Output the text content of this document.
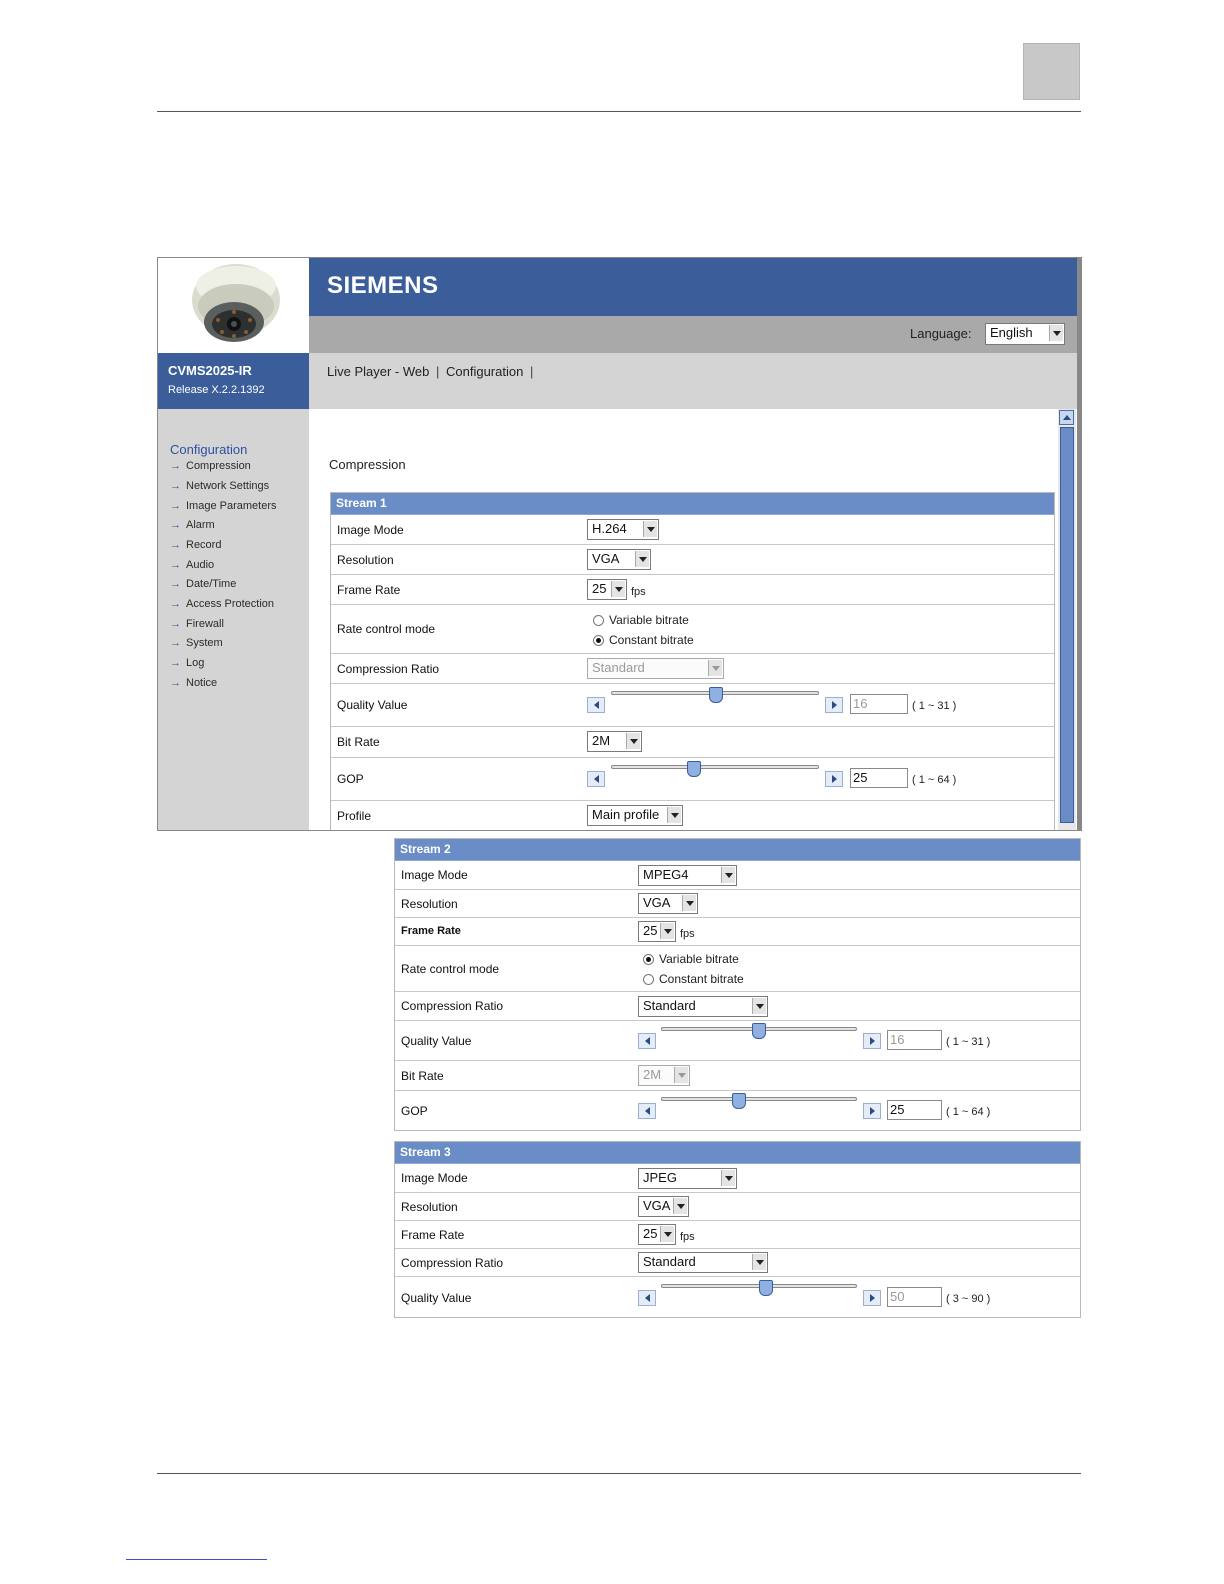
SIEMENS
Language:	English
CVMS2025-IR
Release X.2.2.1392
Live Player - Web | Configuration |
Configuration
→ Compression
→ Network Settings
→ Image Parameters
→ Alarm
→ Record
→ Audio
→ Date/Time
→ Access Protection
→ Firewall
→ System
→ Log
→ Notice
Compression
Stream 1
Image Mode	H.264
Resolution	VGA
Frame Rate	25	fps
Rate control mode
Variable bitrate
Constant bitrate
Compression Ratio	Standard
Quality Value	16	( 1 ~ 31 )
Bit Rate	2M
GOP	25	( 1 ~ 64 )
Profile	Main profile
Stream 2
Image Mode	MPEG4
Resolution	VGA
Frame Rate	25	fps
Rate control mode
Variable bitrate
Constant bitrate
Compression Ratio	Standard
Quality Value	16	( 1 ~ 31 )
Bit Rate	2M
GOP	25	( 1 ~ 64 )
Stream 3
Image Mode	JPEG
Resolution	VGA
Frame Rate	25	fps
Compression Ratio	Standard
Quality Value	50	( 3 ~ 90 )
